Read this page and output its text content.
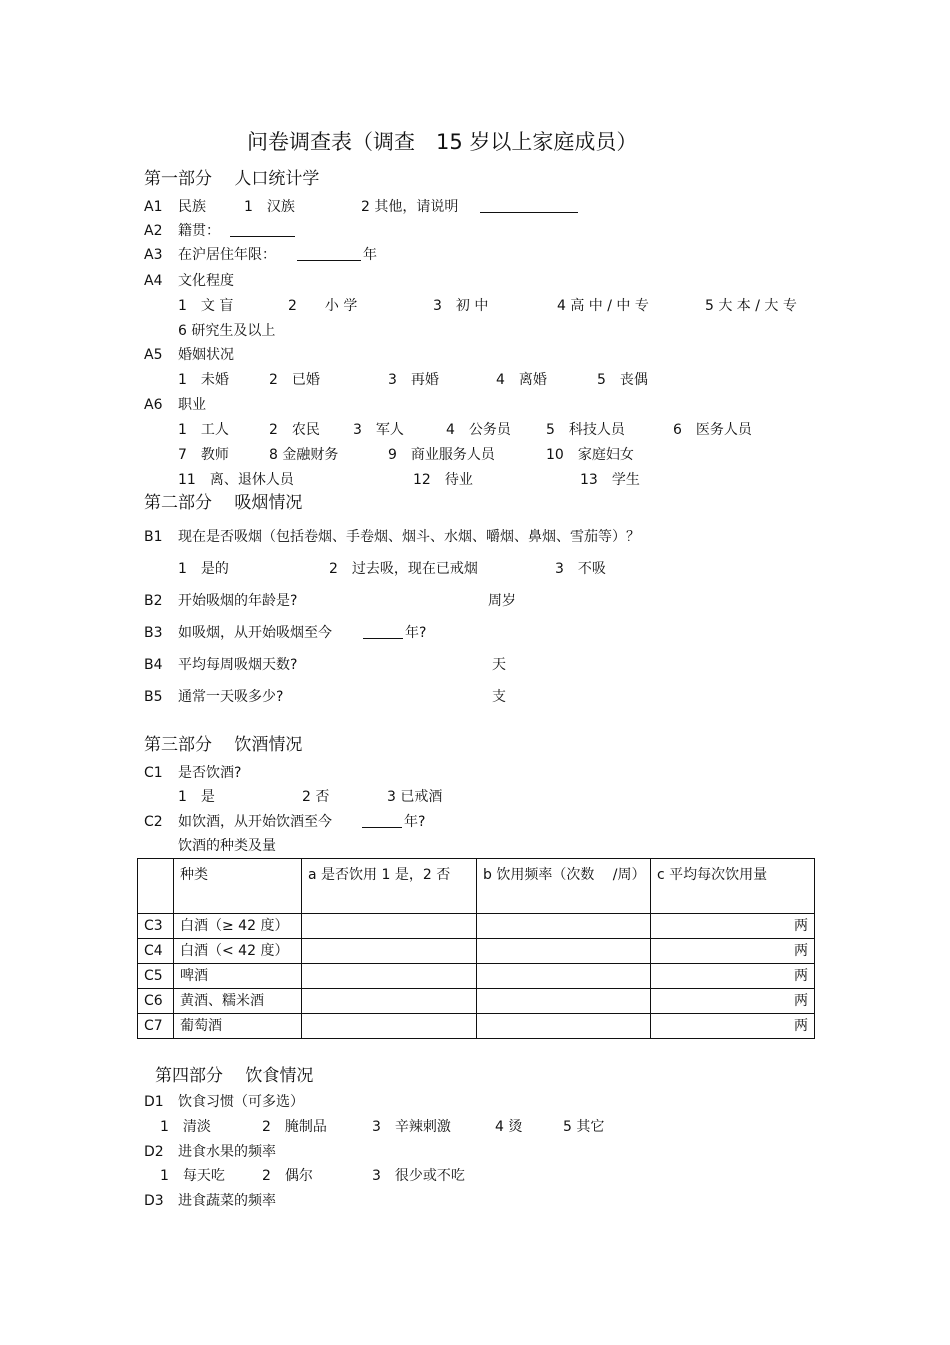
问卷调查表（调查　15 岁以上家庭成员）
第一部分　 人口统计学
A1 民族	1　汉族	2 其他，请说明
A2 籍贯：
A3 在沪居住年限：	年
A4 文化程度
1　文 盲	2　　小 学	3　初 中	4 高 中 / 中 专	5 大 本 / 大 专
6 研究生及以上
A5 婚姻状况
1　未婚	2　已婚	3　再婚	4　离婚	5　丧偶
A6 职业
1　工人	2　农民 3　军人	4　公务员	5　科技人员	6　医务人员
7　教师	8 金融财务	9　商业服务人员	10　家庭妇女
11　离、退休人员	12　待业	13　学生
第二部分　 吸烟情况
B1 现在是否吸烟（包括卷烟、手卷烟、烟斗、水烟、嚼烟、鼻烟、雪茄等）？
1　是的	2　过去吸，现在已戒烟	3　不吸
B2 开始吸烟的年龄是?	周岁
B3 如吸烟，从开始吸烟至今	年?
B4 平均每周吸烟天数?	天
B5 通常一天吸多少?	支
第三部分　 饮酒情况
C1 是否饮酒?
1　是	2 否	3 已戒酒
C2 如饮酒，从开始饮酒至今	年?
饮酒的种类及量
	种类	a 是否饮用 1 是，2 否	b 饮用频率（次数　 /周）	c 平均每次饮用量
C3	白酒（≥ 42 度）			两
C4	白酒（< 42 度）			两
C5	啤酒			两
C6	黄酒、糯米酒			两
C7	葡萄酒			两
第四部分　 饮食情况
D1 饮食习惯（可多选）
1　清淡	2　腌制品	3　辛辣刺激	4 烫	5 其它
D2 进食水果的频率
1　每天吃	2　偶尔	3　很少或不吃
D3 进食蔬菜的频率
